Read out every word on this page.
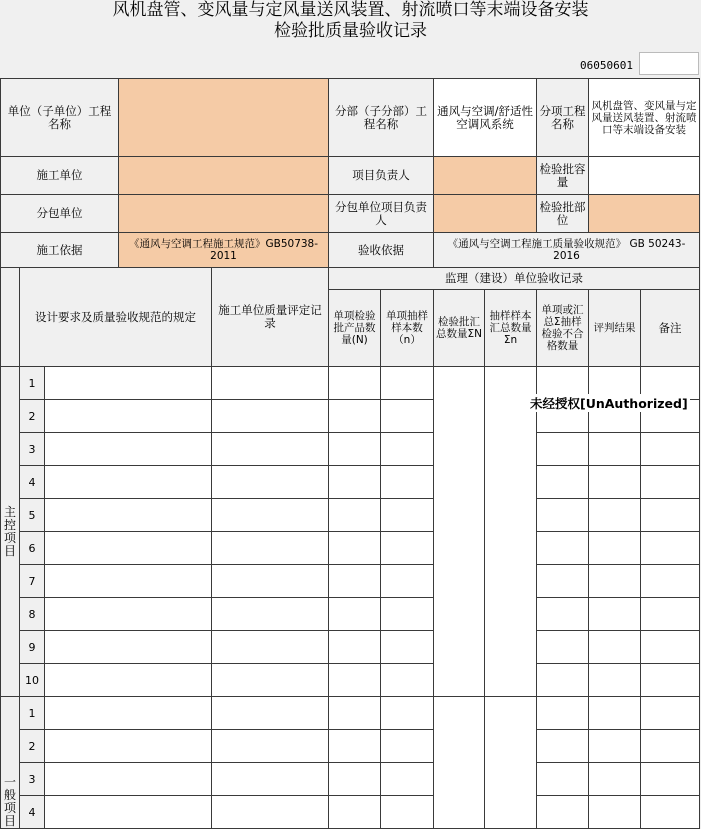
风机盘管、变风量与定风量送风装置、射流喷口等末端设备安装
检验批质量验收记录
06050601
单位（子单位）工程名称					分部（子分部）工程名称		通风与空调/舒适性空调风系统		分项工程名称	风机盘管、变风量与定风量送风装置、射流喷口等末端设备安装	
施工单位					项目负责人				检验批容量		
分包单位					分包单位项目负责人				检验批部位		
施工依据			《通风与空调工程施工规范》GB50738-2011		验收依据		《通风与空调工程施工质量验收规范》 GB 50243-2016				
	设计要求及质量验收规范的规定			施工单位质量评定记录	监理（建设）单位验收记录						
					单项检验批产品数量(N)	单项抽样样本数（n）	检验批汇总数量ΣN	抽样样本汇总数量Σn	单项或汇总Σ抽样检验不合格数量	评判结果	备注

主控项目	1										
	2										
	3										
	4										
	5										
	6										
	7										
	8										
	9										
	10										

一般项目	1										
	2										
	3										
	4										
未经授权[UnAuthorized]
